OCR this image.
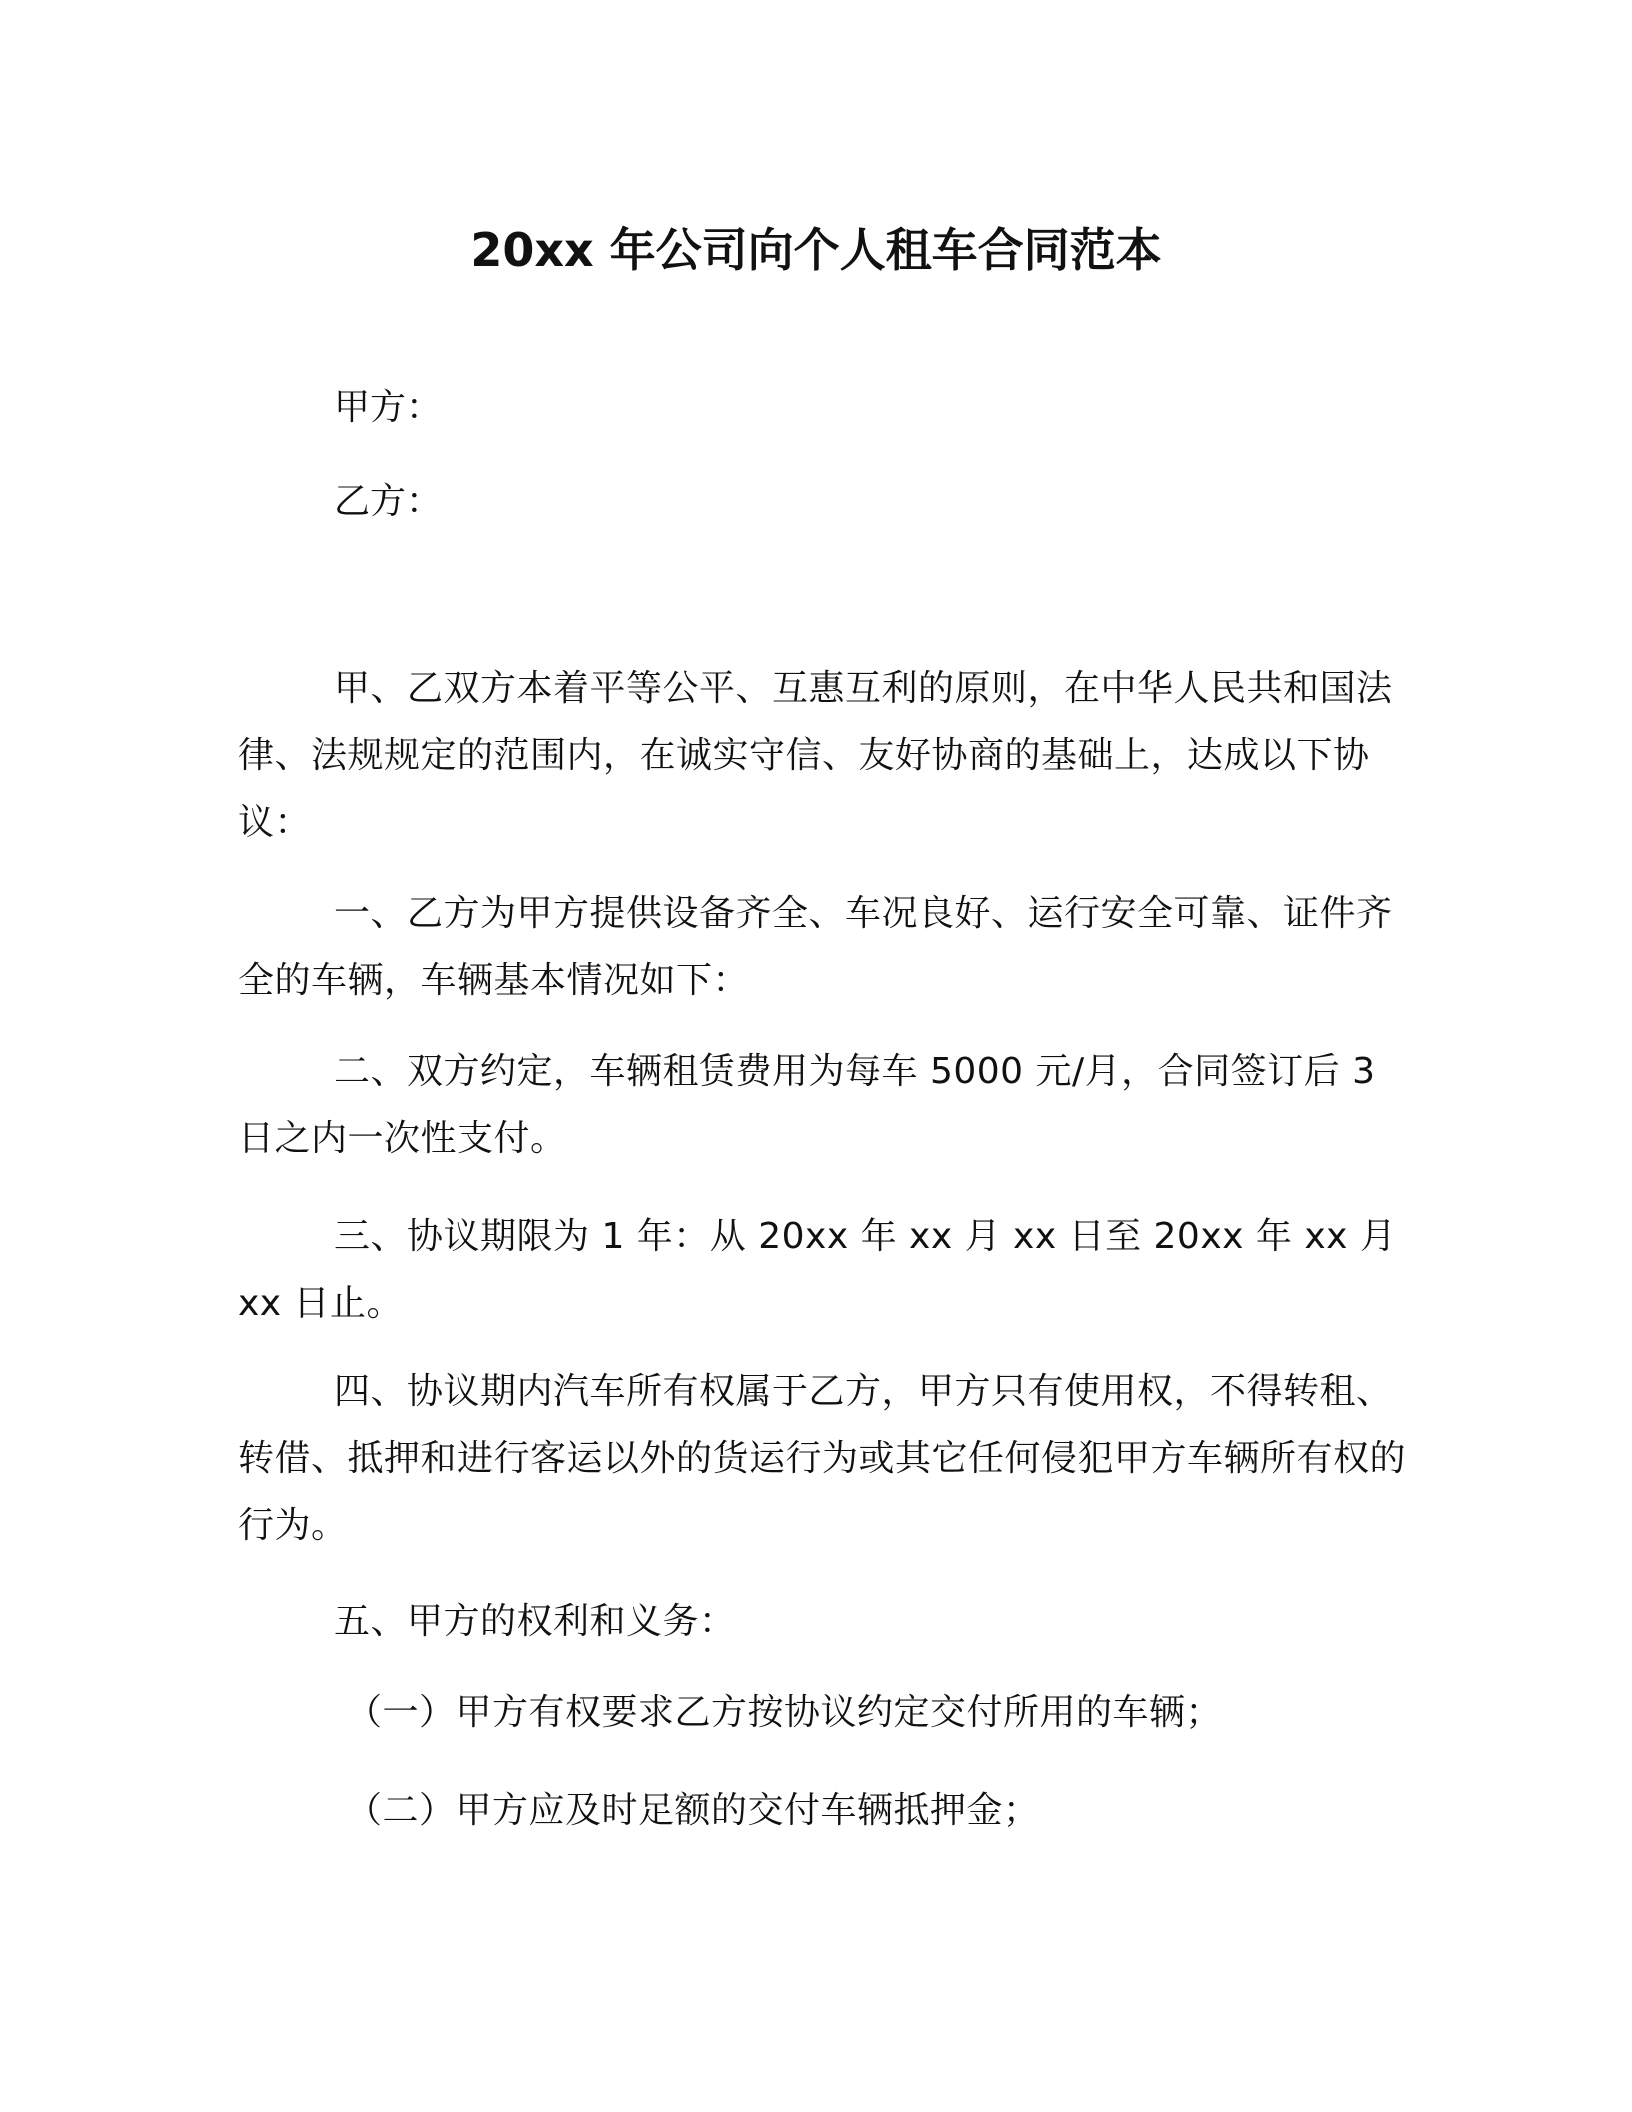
20xx 年公司向个人租车合同范本
甲方：
乙方：
甲、乙双方本着平等公平、互惠互利的原则，在中华人民共和国法律、法规规定的范围内，在诚实守信、友好协商的基础上，达成以下协议：
一、乙方为甲方提供设备齐全、车况良好、运行安全可靠、证件齐全的车辆，车辆基本情况如下：
二、双方约定，车辆租赁费用为每车 5000 元/月，合同签订后 3 日之内一次性支付。
三、协议期限为 1 年：从 20xx 年 xx 月 xx 日至 20xx 年 xx 月 xx 日止。
四、协议期内汽车所有权属于乙方，甲方只有使用权，不得转租、转借、抵押和进行客运以外的货运行为或其它任何侵犯甲方车辆所有权的行为。
五、甲方的权利和义务：
（一）甲方有权要求乙方按协议约定交付所用的车辆；
（二）甲方应及时足额的交付车辆抵押金；
